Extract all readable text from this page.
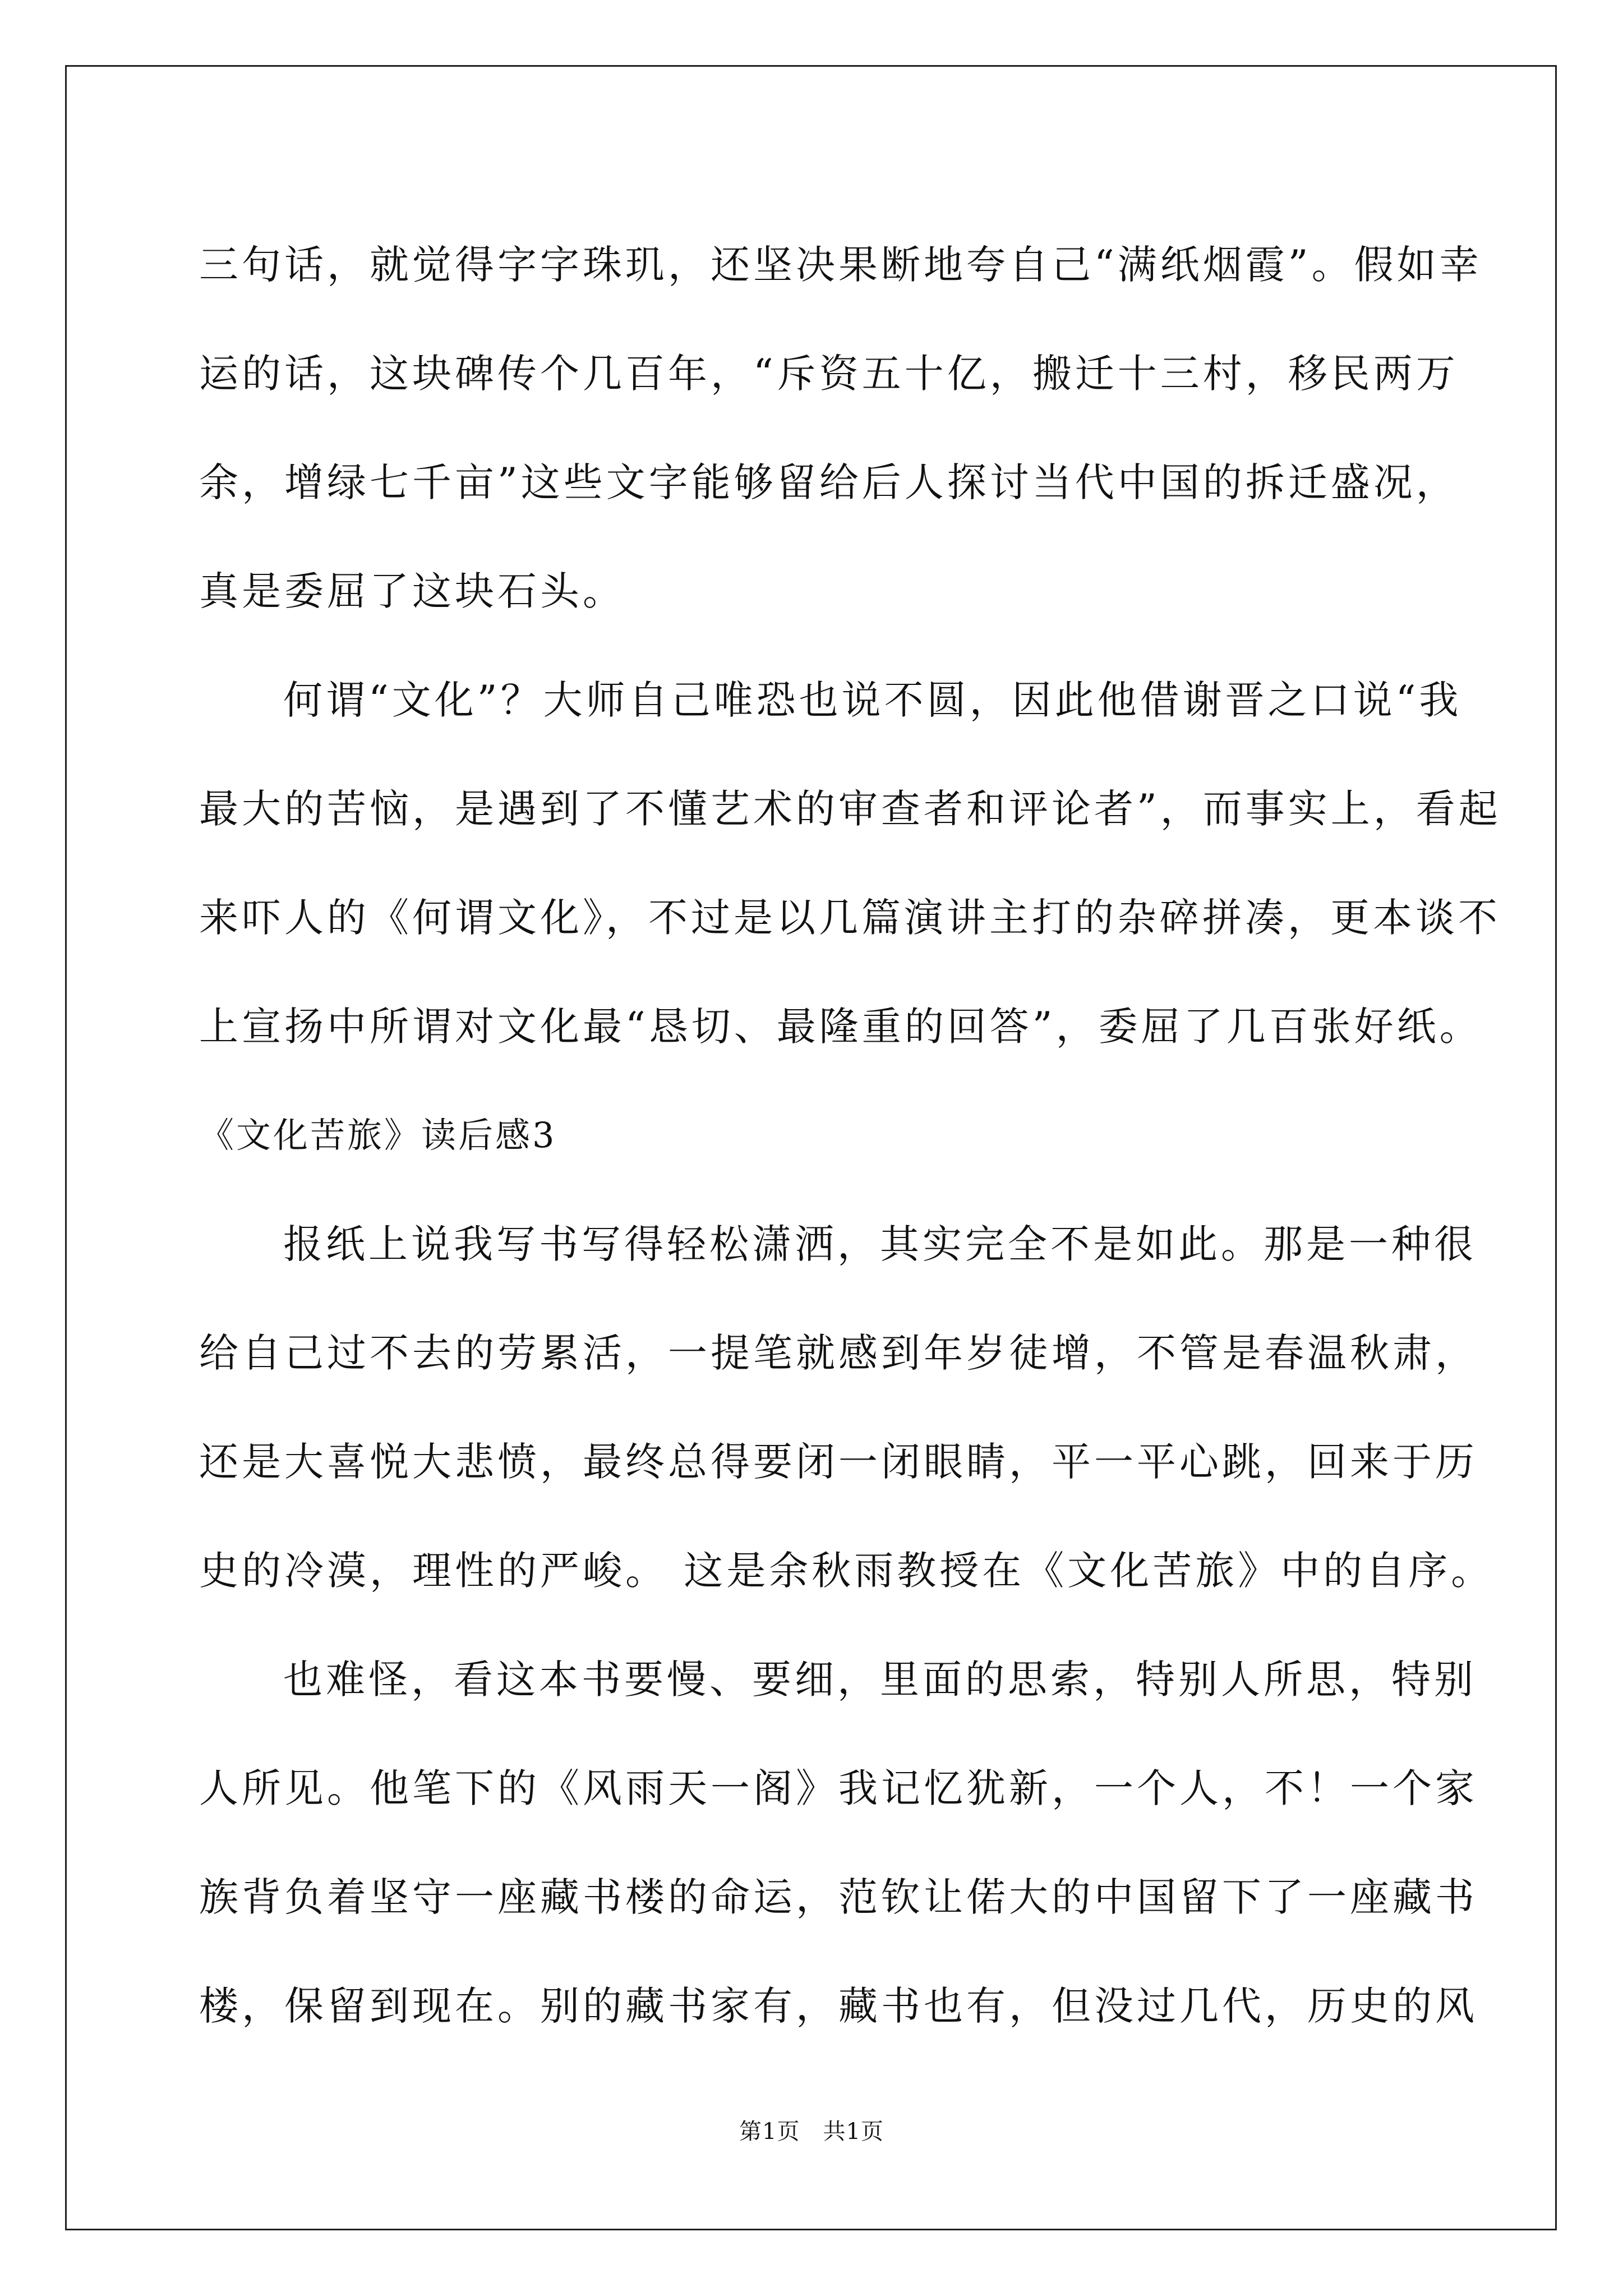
三句话，就觉得字字珠玑，还坚决果断地夸自己“满纸烟霞”。假如幸
运的话，这块碑传个几百年，“斥资五十亿，搬迁十三村，移民两万
余，增绿七千亩”这些文字能够留给后人探讨当代中国的拆迁盛况，
真是委屈了这块石头。
何谓“文化”？大师自己唯恐也说不圆，因此他借谢晋之口说“我
最大的苦恼，是遇到了不懂艺术的审查者和评论者”，而事实上，看起
来吓人的《何谓文化》，不过是以几篇演讲主打的杂碎拼凑，更本谈不
上宣扬中所谓对文化最“恳切、最隆重的回答”，委屈了几百张好纸。
《文化苦旅》读后感3
报纸上说我写书写得轻松潇洒，其实完全不是如此。那是一种很
给自己过不去的劳累活，一提笔就感到年岁徒增，不管是春温秋肃，
还是大喜悦大悲愤，最终总得要闭一闭眼睛，平一平心跳，回来于历
史的冷漠，理性的严峻。 这是余秋雨教授在《文化苦旅》中的自序。
也难怪，看这本书要慢、要细，里面的思索，特别人所思，特别
人所见。他笔下的《风雨天一阁》我记忆犹新，一个人，不！一个家
族背负着坚守一座藏书楼的命运，范钦让偌大的中国留下了一座藏书
楼，保留到现在。别的藏书家有，藏书也有，但没过几代，历史的风
第1页　共1页
